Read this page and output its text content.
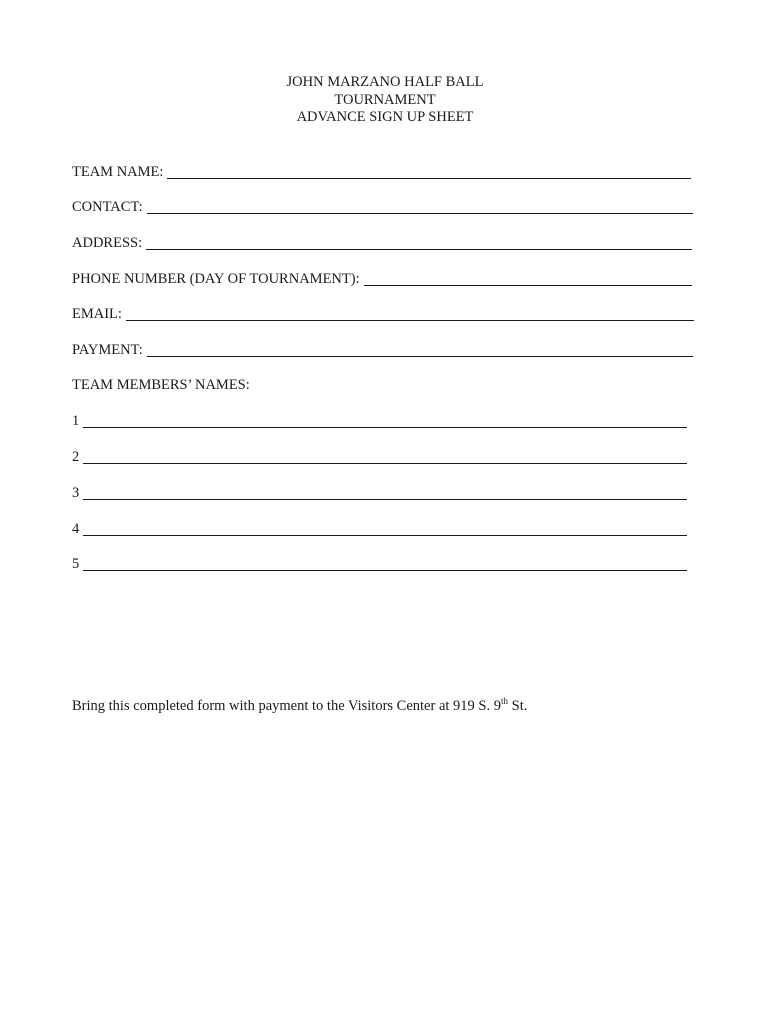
JOHN MARZANO HALF BALL
TOURNAMENT
ADVANCE SIGN UP SHEET
TEAM NAME:
CONTACT:
ADDRESS:
PHONE NUMBER (DAY OF TOURNAMENT):
EMAIL:
PAYMENT:
TEAM MEMBERS’ NAMES:
1
2
3
4
5
Bring this completed form with payment to the Visitors Center at 919 S. 9th St.
